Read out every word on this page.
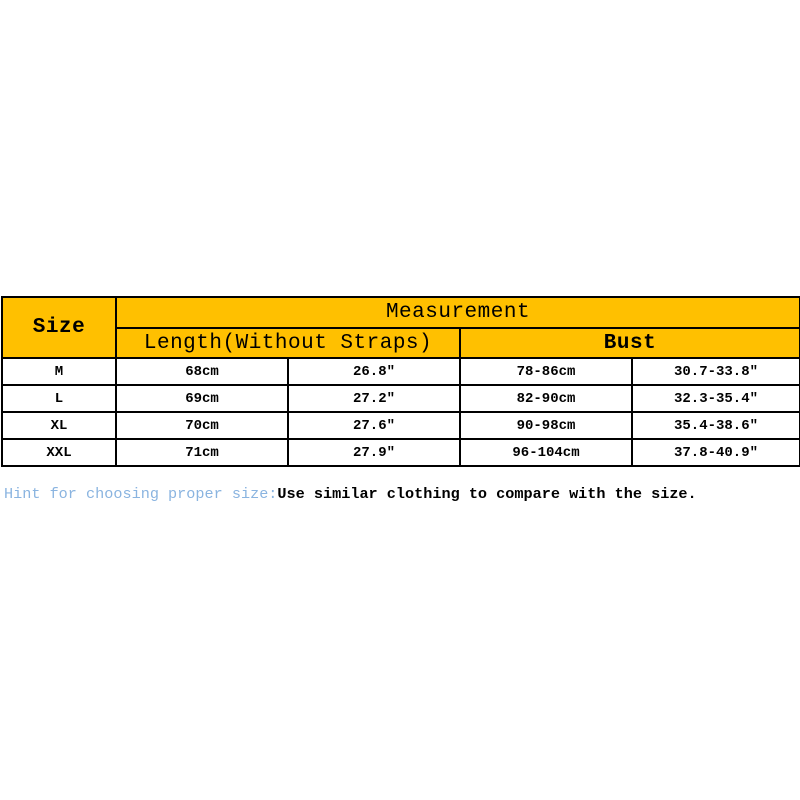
Size	Measurement			
	Length(Without Straps)		Bust	
M	68cm	26.8″	78-86cm	30.7-33.8″
L	69cm	27.2″	82-90cm	32.3-35.4″
XL	70cm	27.6″	90-98cm	35.4-38.6″
XXL	71cm	27.9″	96-104cm	37.8-40.9″
Hint for choosing proper size:Use similar clothing to compare with the size.
